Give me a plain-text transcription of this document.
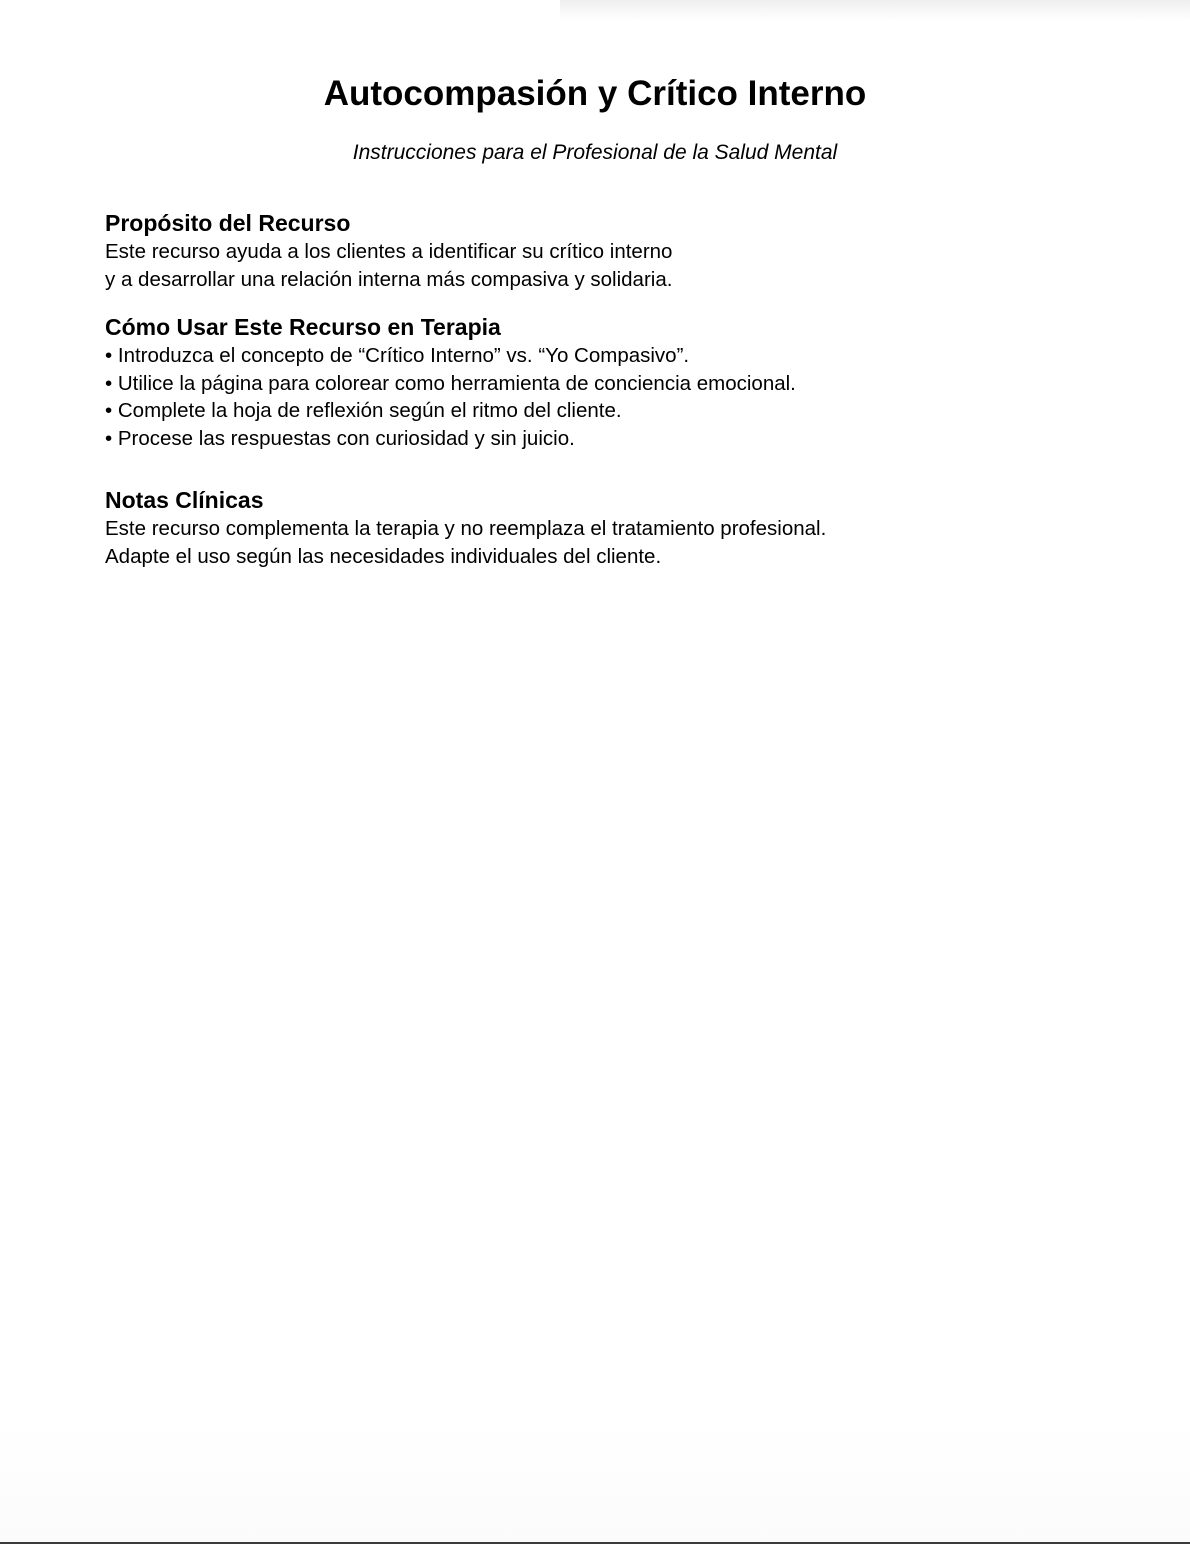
Autocompasión y Crítico Interno

Instrucciones para el Profesional de la Salud Mental

Propósito del Recurso

Este recurso ayuda a los clientes a identificar su crítico interno

y a desarrollar una relación interna más compasiva y solidaria.

Cómo Usar Este Recurso en Terapia

• Introduzca el concepto de “Crítico Interno” vs. “Yo Compasivo”.

• Utilice la página para colorear como herramienta de conciencia emocional.

• Complete la hoja de reflexión según el ritmo del cliente.

• Procese las respuestas con curiosidad y sin juicio.

Notas Clínicas

Este recurso complementa la terapia y no reemplaza el tratamiento profesional.

Adapte el uso según las necesidades individuales del cliente.
